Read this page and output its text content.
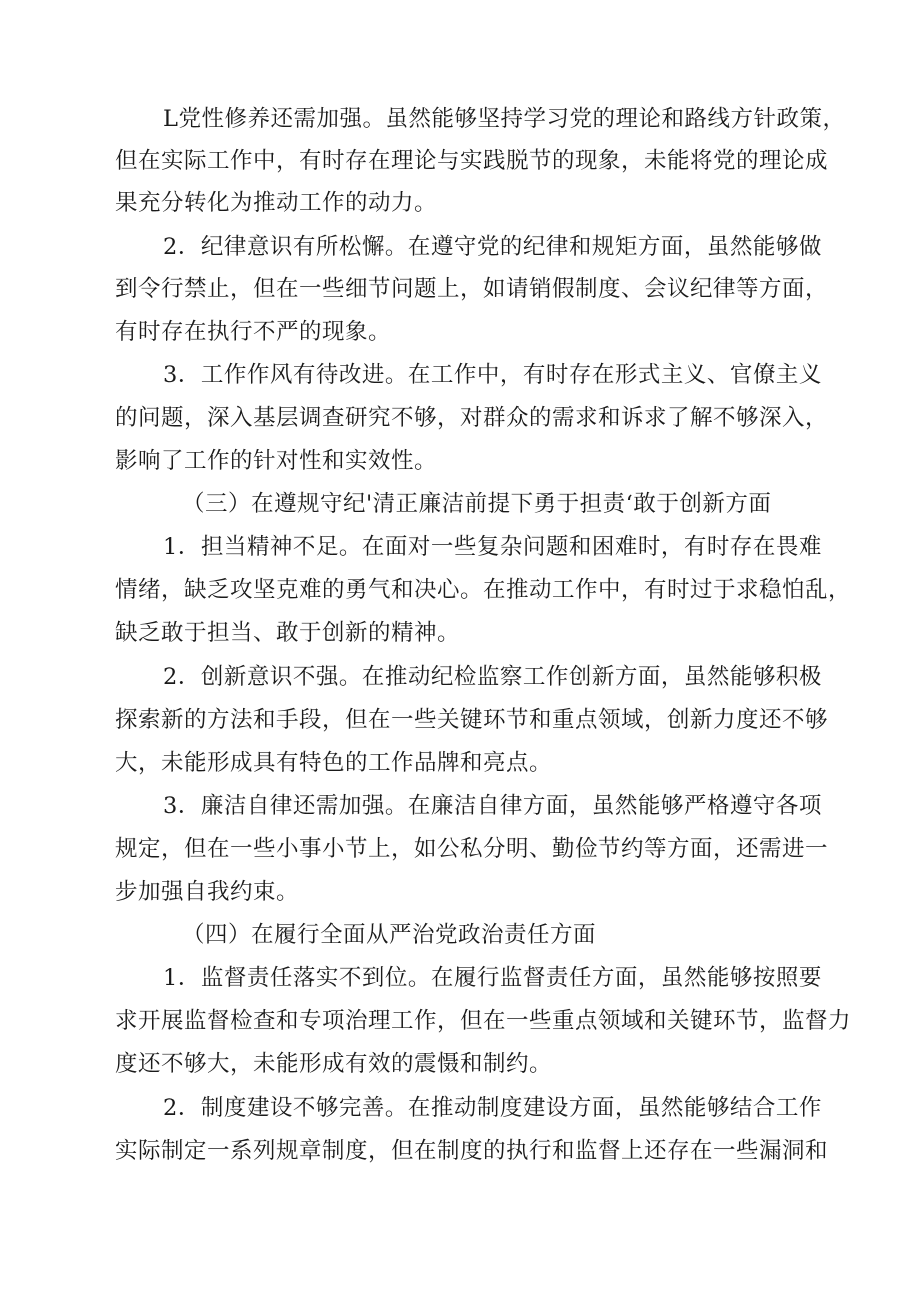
L党性修养还需加强。虽然能够坚持学习党的理论和路线方针政策，
但在实际工作中，有时存在理论与实践脱节的现象，未能将党的理论成
果充分转化为推动工作的动力。
2．纪律意识有所松懈。在遵守党的纪律和规矩方面，虽然能够做
到令行禁止，但在一些细节问题上，如请销假制度、会议纪律等方面，
有时存在执行不严的现象。
3．工作作风有待改进。在工作中，有时存在形式主义、官僚主义
的问题，深入基层调查研究不够，对群众的需求和诉求了解不够深入，
影响了工作的针对性和实效性。
（三）在遵规守纪'清正廉洁前提下勇于担责‘敢于创新方面
1．担当精神不足。在面对一些复杂问题和困难时，有时存在畏难
情绪，缺乏攻坚克难的勇气和决心。在推动工作中，有时过于求稳怕乱，
缺乏敢于担当、敢于创新的精神。
2．创新意识不强。在推动纪检监察工作创新方面，虽然能够积极
探索新的方法和手段，但在一些关键环节和重点领域，创新力度还不够
大，未能形成具有特色的工作品牌和亮点。
3．廉洁自律还需加强。在廉洁自律方面，虽然能够严格遵守各项
规定，但在一些小事小节上，如公私分明、勤俭节约等方面，还需进一
步加强自我约束。
（四）在履行全面从严治党政治责任方面
1．监督责任落实不到位。在履行监督责任方面，虽然能够按照要
求开展监督检查和专项治理工作，但在一些重点领域和关键环节，监督力
度还不够大，未能形成有效的震慑和制约。
2．制度建设不够完善。在推动制度建设方面，虽然能够结合工作
实际制定一系列规章制度，但在制度的执行和监督上还存在一些漏洞和
